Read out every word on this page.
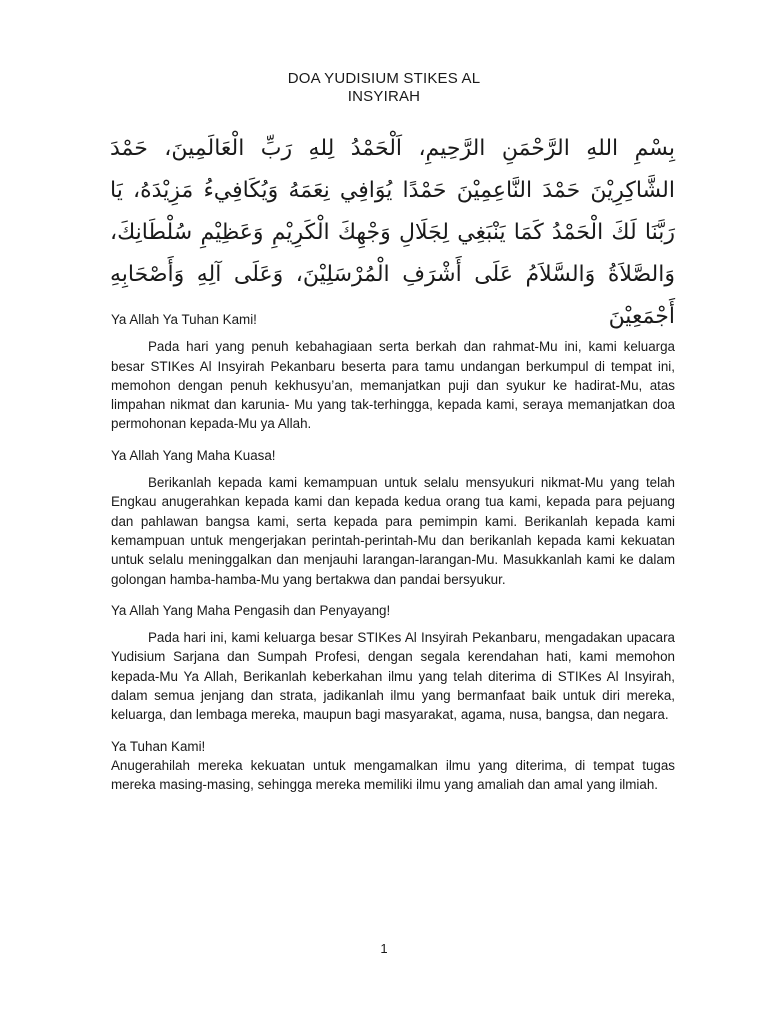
DOA YUDISIUM STIKES AL
INSYIRAH
بِسْمِ اللهِ الرَّحْمَنِ الرَّحِيمِ، اَلْحَمْدُ لِلهِ رَبِّ الْعَالَمِينَ، حَمْدَ الشَّاكِرِيْنَ حَمْدَ النَّاعِمِيْنَ حَمْدًا يُوَافِي نِعَمَهُ وَيُكَافِيءُ مَزِيْدَهُ، يَا رَبَّنَا لَكَ الْحَمْدُ كَمَا يَنْبَغِي لِجَلَالِ وَجْهِكَ الْكَرِيْمِ وَعَظِيْمِ سُلْطَانِكَ، وَالصَّلاَةُ وَالسَّلاَمُ عَلَى أَشْرَفِ الْمُرْسَلِيْنَ، وَعَلَى آلِهِ وَأَصْحَابِهِ أَجْمَعِيْنَ

Ya Allah Ya Tuhan Kami!

Pada hari yang penuh kebahagiaan serta berkah dan rahmat-Mu ini, kami keluarga besar STIKes Al Insyirah Pekanbaru beserta para tamu undangan berkumpul di tempat ini, memohon dengan penuh kekhusyu’an, memanjatkan puji dan syukur ke hadirat-Mu, atas limpahan nikmat dan karunia- Mu yang tak-terhingga, kepada kami, seraya memanjatkan doa permohonan kepada-Mu ya Allah.

Ya Allah Yang Maha Kuasa!

Berikanlah kepada kami kemampuan untuk selalu mensyukuri nikmat-Mu yang telah Engkau anugerahkan kepada kami dan kepada kedua orang tua kami, kepada para pejuang dan pahlawan bangsa kami, serta kepada para pemimpin kami. Berikanlah kepada kami kemampuan untuk mengerjakan perintah-perintah-Mu dan berikanlah kepada kami kekuatan untuk selalu meninggalkan dan menjauhi larangan-larangan-Mu. Masukkanlah kami ke dalam golongan hamba-hamba-Mu yang bertakwa dan pandai bersyukur.

Ya Allah Yang Maha Pengasih dan Penyayang!

Pada hari ini, kami keluarga besar STIKes Al Insyirah Pekanbaru, mengadakan upacara Yudisium Sarjana dan Sumpah Profesi, dengan segala kerendahan hati, kami memohon kepada-Mu Ya Allah, Berikanlah keberkahan ilmu yang telah diterima di STIKes Al Insyirah, dalam semua jenjang dan strata, jadikanlah ilmu yang bermanfaat baik untuk diri mereka, keluarga, dan lembaga mereka, maupun bagi masyarakat, agama, nusa, bangsa, dan negara.

Ya Tuhan Kami!

Anugerahilah mereka kekuatan untuk mengamalkan ilmu yang diterima, di tempat tugas mereka masing-masing, sehingga mereka memiliki ilmu yang amaliah dan amal yang ilmiah.

1
